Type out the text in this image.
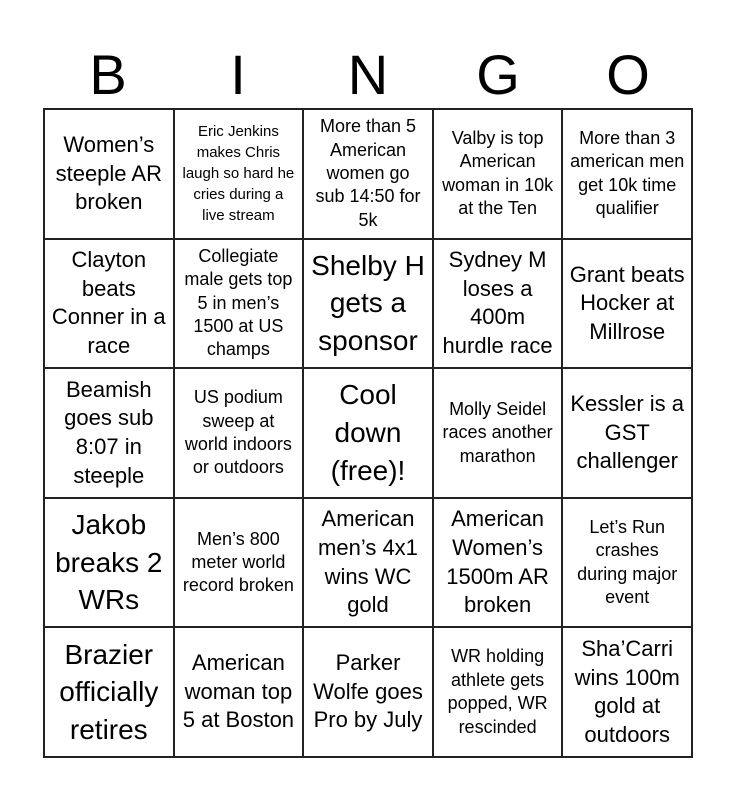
B	I	N	G	O
Women’s steeple AR broken
Eric Jenkins makes Chris laugh so hard he cries during a live stream
More than 5 American women go sub 14:50 for 5k
Valby is top American woman in 10k at the Ten
More than 3 american men get 10k time qualifier
Clayton beats Conner in a race
Collegiate male gets top 5 in men’s 1500 at US champs
Shelby H gets a sponsor
Sydney M loses a 400m hurdle race
Grant beats Hocker at Millrose
Beamish goes sub 8:07 in steeple
US podium sweep at world indoors or outdoors
Cool down (free)!
Molly Seidel races another marathon
Kessler is a GST challenger
Jakob breaks 2 WRs
Men’s 800 meter world record broken
American men’s 4x1 wins WC gold
American Women’s 1500m AR broken
Let’s Run crashes during major event
Brazier officially retires
American woman top 5 at Boston
Parker Wolfe goes Pro by July
WR holding athlete gets popped, WR rescinded
Sha’Carri wins 100m gold at outdoors
